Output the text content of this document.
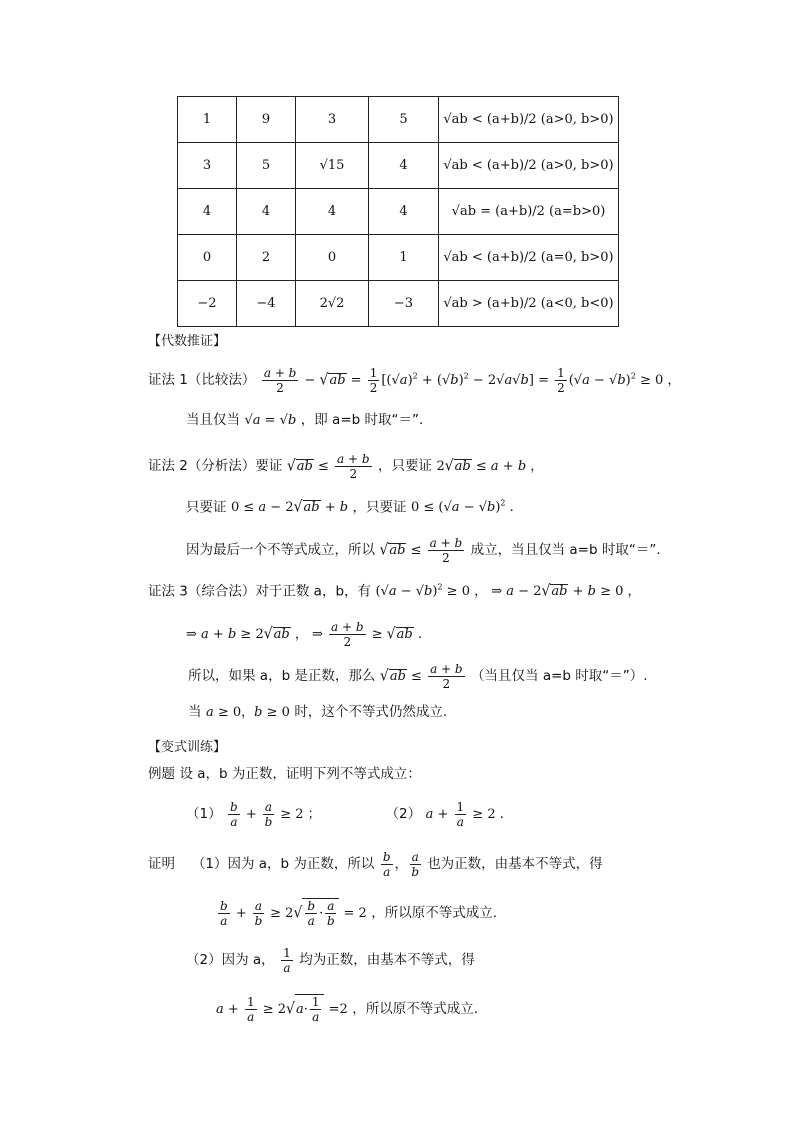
1	9	3	5	√ab < (a+b)/2 (a>0, b>0)
3	5	√15	4	√ab < (a+b)/2 (a>0, b>0)
4	4	4	4	√ab = (a+b)/2 (a=b>0)
0	2	0	1	√ab < (a+b)/2 (a=0, b>0)
−2	−4	2√2	−3	√ab > (a+b)/2 (a<0, b<0)
【代数推证】
证法 1（比较法） $\frac{a + b}{2} - √ab = \frac{1}{2} [(√a)^2 + (√b)^2 - 2√a√b] = \frac{1}{2} (√a - √b)^2 \ge 0$ ，
当且仅当 √a = √b ，即 a=b 时取“＝”.
证法 2（分析法）要证 $√ab \le \frac{a + b}{2}$ ，只要证 2√ab ≤ a + b ，
只要证 0 ≤ a − 2√ab + b ，只要证 $0 \le (√a - √b)^2$ .
因为最后一个不等式成立，所以 $√ab \le \frac{a + b}{2}$ 成立，当且仅当 a=b 时取“＝”.
证法 3（综合法）对于正数 a，b，有 $(√a - √b)^2 \ge 0$ ， ⇒ a − 2√ab + b ≥ 0 ，
⇒ a + b ≥ 2√ab ， ⇒ $\frac{a + b}{2} \ge √ab$ .
所以，如果 a，b 是正数，那么 $√ab \le \frac{a + b}{2}$ （当且仅当 a=b 时取“＝”）.
当 a ≥ 0，b ≥ 0 时，这个不等式仍然成立.
【变式训练】
例题 设 a，b 为正数，证明下列不等式成立：
$(1) \frac{b}{a} + \frac{a}{b} \ge 2$ ；	（2） $a + \frac{1}{a} \ge 2$ .
证明 （1）因为 a，b 为正数，所以 $\frac{b}{a}$ ， $\frac{a}{b}$ 也为正数，由基本不等式，得
$\frac{b}{a} + \frac{a}{b} \ge 2√ \frac{b}{a} \cdot \frac{a}{b} = 2$ ，所以原不等式成立.
（2）因为 a， $\frac{1}{a}$ 均为正数，由基本不等式，得
$a + \frac{1}{a} \ge 2√a\cdot \frac{1}{a} =2$ ，所以原不等式成立.
